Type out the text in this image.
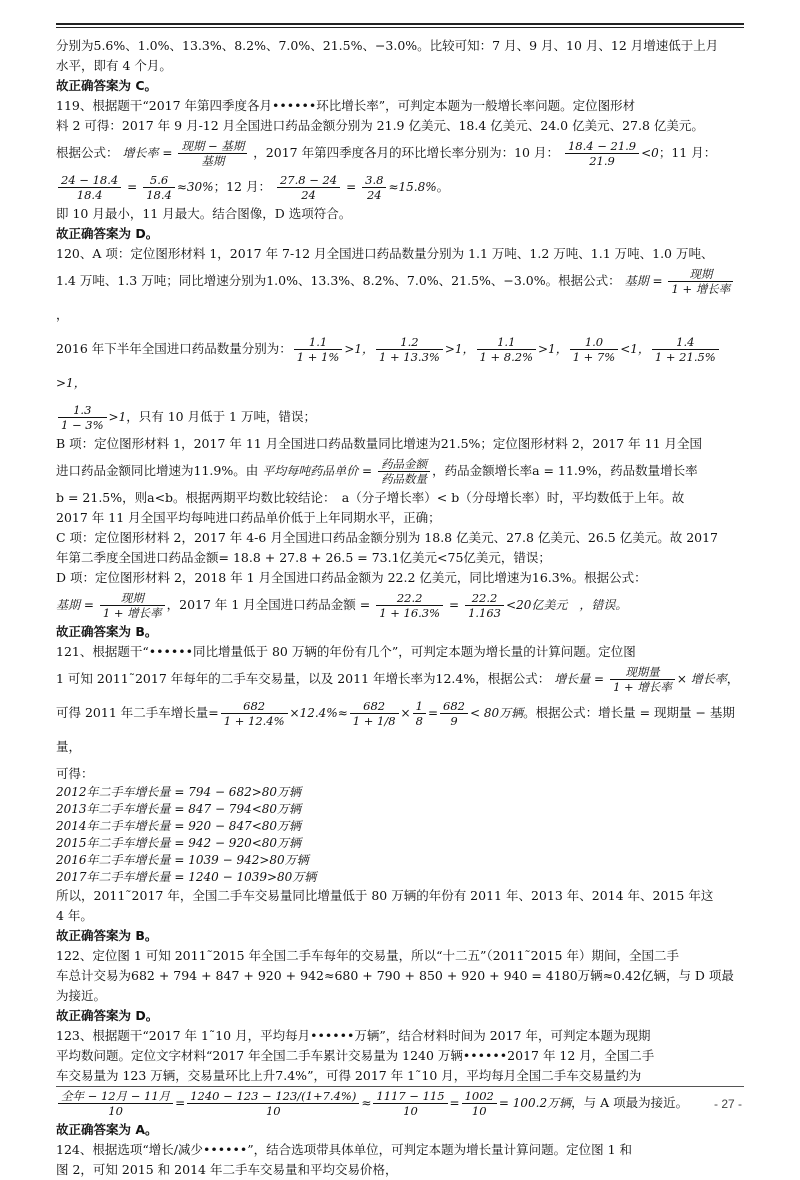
分别为5.6%、1.0%、13.3%、8.2%、7.0%、21.5%、−3.0%。比较可知：7 月、9 月、10 月、12 月增速低于上月

水平，即有 4 个月。

故正确答案为 C。

119、根据题干“2017 年第四季度各月••••••环比增长率”，可判定本题为一般增长率问题。定位图形材

料 2 可得：2017 年 9 月-12 月全国进口药品金额分别为 21.9 亿美元、18.4 亿美元、24.0 亿美元、27.8 亿美元。

根据公式： 增长率 = $\frac{\text{现期 − 基期}}{\text{基期}}$ ，2017 年第四季度各月的环比增长率分别为：10 月： $\frac{18.4 - 21.9}{21.9} <0$；11 月：

$\frac{24 - 18.4}{18.4} = \frac{5.6}{18.4} \approx 30\%$；12 月： $\frac{27.8 - 24}{24} = \frac{3.8}{24} \approx 15.8\%$。

即 10 月最小，11 月最大。结合图像，D 选项符合。

故正确答案为 D。

120、A 项：定位图形材料 1，2017 年 7-12 月全国进口药品数量分别为 1.1 万吨、1.2 万吨、1.1 万吨、1.0 万吨、

1.4 万吨、1.3 万吨；同比增速分别为1.0%、13.3%、8.2%、7.0%、21.5%、−3.0%。根据公式： 基期 = $\frac{\text{现期}}{\text{1 + 增长率}}$
，

2016 年下半年全国进口药品数量分别为： $\frac{1.1}{1 + 1\%} >1$， $\frac{1.2}{1 + 13.3\%} >1$， $\frac{1.1}{1 + 8.2\%} >1$， $\frac{1.0}{1 + 7\%} <1$， $\frac{1.4}{1 + 21.5\%}$
>1，

$\frac{1.3}{1 - 3\%} >1$，只有 10 月低于 1 万吨，错误；

B 项：定位图形材料 1，2017 年 11 月全国进口药品数量同比增速为21.5%；定位图形材料 2，2017 年 11 月全国

进口药品金额同比增速为11.9%。由 平均每吨药品单价 = $\frac{\text{药品金额}}{\text{药品数量}}$ ，药品金额增长率a = 11.9%，药品数量增长率

b = 21.5%，则a<b。根据两期平均数比较结论：　a（分子增长率）< b（分母增长率）时，平均数低于上年。故

2017 年 11 月全国平均每吨进口药品单价低于上年同期水平，正确；

C 项：定位图形材料 2，2017 年 4-6 月全国进口药品金额分别为 18.8 亿美元、27.8 亿美元、26.5 亿美元。故 2017

年第二季度全国进口药品金额= 18.8 + 27.8 + 26.5 = 73.1亿美元<75亿美元，错误；

D 项：定位图形材料 2，2018 年 1 月全国进口药品金额为 22.2 亿美元，同比增速为16.3%。根据公式：

基期 = $\frac{\text{现期}}{\text{1 + 增长率}}$ ，2017 年 1 月全国进口药品金额 = $\frac{22.2}{1 + 16.3\%} = \frac{22.2}{1.163} <20$亿美元　，错误。

故正确答案为 B。

121、根据题干“••••••同比增量低于 80 万辆的年份有几个”，可判定本题为增长量的计算问题。定位图

1 可知 2011˜2017 年每年的二手车交易量，以及 2011 年增长率为12.4%，根据公式： 增长量 = $\frac{\text{现期量}}{\text{1 + 增长率}}$ × 增长率，

可得 2011 年二手车增长量= $\frac{682}{1 + 12.4\%} \times 12.4\%\approx \frac{682}{1 + 1/8} \times \frac{1}{8} = \frac{682}{9} < 80$万辆。根据公式：增长量 = 现期量 − 基期量，

可得：

2012年二手车增长量 = 794 − 682>80万辆

2013年二手车增长量 = 847 − 794<80万辆

2014年二手车增长量 = 920 − 847<80万辆

2015年二手车增长量 = 942 − 920<80万辆

2016年二手车增长量 = 1039 − 942>80万辆

2017年二手车增长量 = 1240 − 1039>80万辆

所以，2011˜2017 年，全国二手车交易量同比增量低于 80 万辆的年份有 2011 年、2013 年、2014 年、2015 年这

4 年。

故正确答案为 B。

122、定位图 1 可知 2011˜2015 年全国二手车每年的交易量，所以“十二五”（2011˜2015 年）期间，全国二手

车总计交易为682 + 794 + 847 + 920 + 942≈680 + 790 + 850 + 920 + 940 = 4180万辆≈0.42亿辆，与 D 项最为接近。

故正确答案为 D。

123、根据题干“2017 年 1˜10 月，平均每月••••••万辆”，结合材料时间为 2017 年，可判定本题为现期

平均数问题。定位文字材料“2017 年全国二手车累计交易量为 1240 万辆••••••2017 年 12 月，全国二手

车交易量为 123 万辆，交易量环比上升7.4%”，可得 2017 年 1˜10 月，平均每月全国二手车交易量约为

$\frac{\text{全年 − 12月 − 11月}}{10} = \frac{1240 - 123 - 123/(1+7.4\%)}{10} \approx \frac{1117 - 115}{10} = \frac{1002}{10} = 100.2$万辆，与 A 项最为接近。

故正确答案为 A。

124、根据选项“增长/减少••••••”，结合选项带具体单位，可判定本题为增长量计算问题。定位图 1 和

图 2，可知 2015 和 2014 年二手车交易量和平均交易价格，

- 27 -
